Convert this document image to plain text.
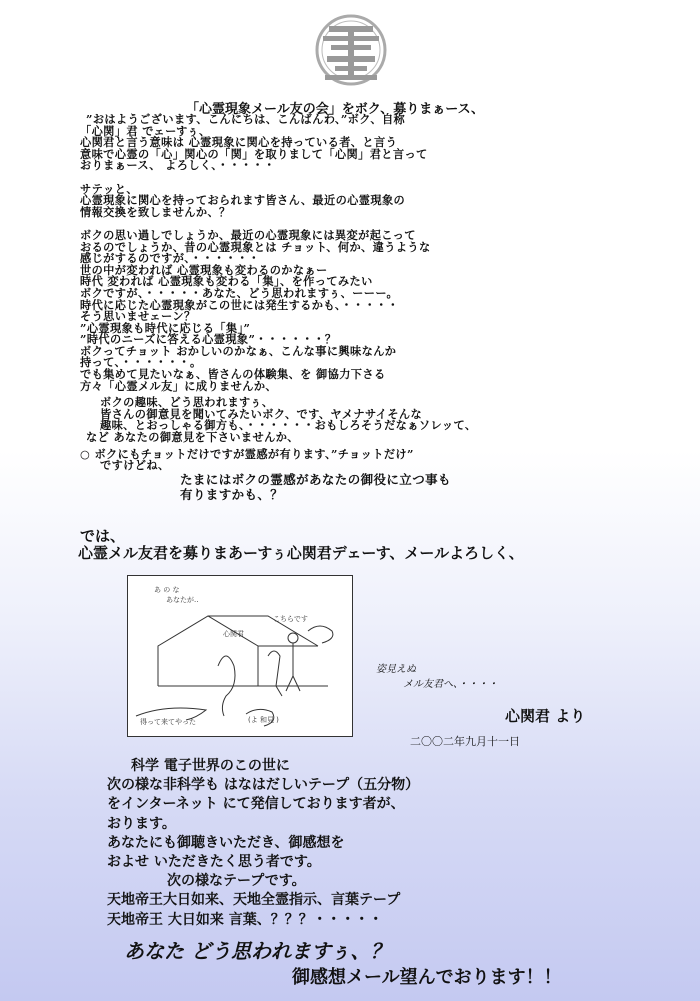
「心霊現象メール友の会」をボク、募りまぁース、
”おはようございます、こんにちは、こんばんわ、”ボク、自称
「心関」君 でェーすぅ、
心関君と言う意味は 心霊現象に関心を持っている者、と言う
意味で心霊の「心」関心の「関」を取りまして「心関」君と言って
おりまぁース、 よろしく、・・・・・
サテッと、
心霊現象に関心を持っておられます皆さん、最近の心霊現象の
情報交換を致しませんか、？
ボクの思い過しでしょうか、最近の心霊現象には異変が起こって
おるのでしょうか、昔の心霊現象とは チョット、何か、違うような
感じがするのですが、・・・・・・
世の中が変われば 心霊現象も変わるのかなぁー
時代 変われば 心霊現象も変わる「集」、を作ってみたい
ボクですが、・・・・・あなた、どう思われますぅ、ーーー。
時代に応じた心霊現象がこの世には発生するかも、・・・・・
そう思いませェーン？
”心霊現象も時代に応じる「集」”
”時代のニーズに答える心霊現象”・・・・・・？
ボクってチョット おかしいのかなぁ、こんな事に興味なんか
持って、・・・・・・。
でも集めて見たいなぁ、皆さんの体験集、を 御協力下さる
方々「心霊メル友」に成りませんか、
ボクの趣味、どう思われますぅ、
皆さんの御意見を聞いてみたいボク、です、ヤメナサイそんな
趣味、とおっしゃる御方も、・・・・・・おもしろそうだなぁソレッて、
など あなたの御意見を下さいませんか、
○ ボクにもチョットだけですが霊感が有ります、”チョットだけ”
ですけどね、
たまにはボクの霊感があなたの御役に立つ事も
有りますかも、？
では、
心霊メル友君を募りまあーすぅ心関君デェーす、メールよろしく、
あ の な
あなたが..
心関君
こちらです
得って来てやった	(よ 和見 )
姿見えぬ
メル友君へ、・・・・
心関君 より
二〇〇二年九月十一日
科学 電子世界のこの世に
次の様な非科学も はなはだしいテープ（五分物）
をインターネット にて発信しております者が、
おります。
あなたにも御聴きいただき、御感想を
およせ いただきたく思う者です。
次の様なテープです。
天地帝王大日如来、天地全霊指示、言葉テープ
天地帝王 大日如来 言葉、？？？・・・・・
あなた どう思われますぅ、？
御感想メール望んでおります！！
